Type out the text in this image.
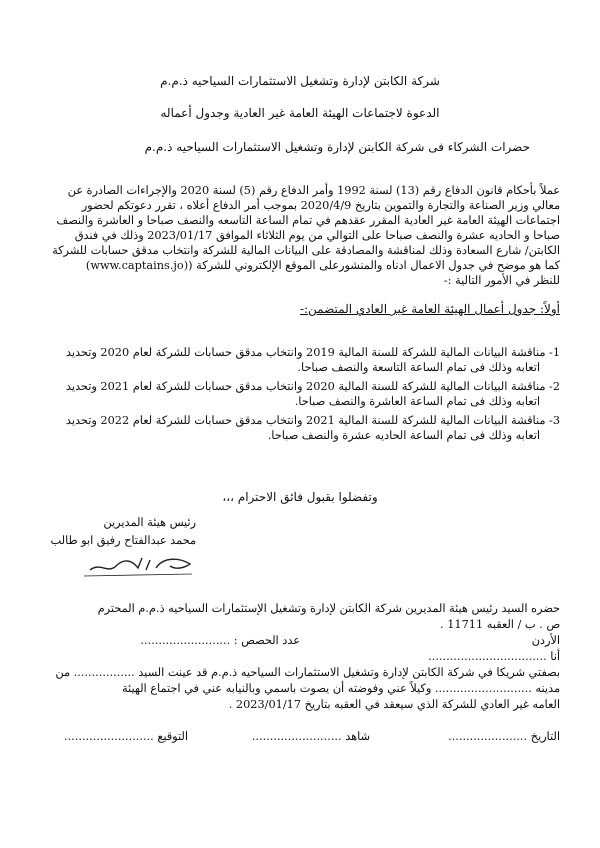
شركة الكابتن لإدارة وتشغيل الاستثمارات السياحيه ذ.م.م
الدعوة لاجتماعات الهيئة العامة غير العادية وجدول أعماله
حضرات الشركاء فى شركة الكابتن لإدارة وتشغيل الاستثمارات السياحيه ذ.م.م
عملاً بأحكام قانون الدفاع رقم (13) لسنة 1992 وأمر الدفاع رقم (5) لسنة 2020 والإجراءات الصادرة عن
معالي وزير الصناعة والتجارة والتموين بتاريخ 2020/4/9 بموجب أمر الدفاع أعلاه ، تقرر دعوتكم لحضور
اجتماعات الهيئة العامة غير العادية المقرر عقدهم في تمام الساعة التاسعه والنصف صباحا و العاشرة والنصف
صباحا و الحاديه عشرة والنصف صباحا على التوالي من يوم الثلاثاء الموافق 2023/01/17 وذلك في فندق
الكابتن/ شارع السعادة وذلك لمناقشة والمصادقة على البيانات المالية للشركة وانتخاب مدقق حسابات للشركة
كما هو موضح في جدول الاعمال ادناه والمنشورعلى الموقع الإلكتروني للشركة ((www.captains.jo)
للنظر في الأمور التالية :-
أولاً: جدول أعمال الهيئة العامة غير العادي المتضمن:-
1- مناقشة البيانات المالية للشركة للسنة المالية 2019 وانتخاب مدقق حسابات للشركة لعام 2020 وتحديد
اتعابه وذلك فى تمام الساعة التاسعة والنصف صباحا.
2- مناقشة البيانات المالية للشركة للسنة المالية 2020 وانتخاب مدقق حسابات للشركة لعام 2021 وتحديد
اتعابه وذلك فى تمام الساعة العاشرة والنصف صباحا.
3- مناقشة البيانات المالية للشركة للسنة المالية 2021 وانتخاب مدقق حسابات للشركة لعام 2022 وتحديد
اتعابه وذلك فى تمام الساعة الحاديه عشرة والنصف صباحا.
وتفضلوا بقبول فائق الاحترام ،،،
رئيس هيئة المديرين
محمد عبدالفتاح رفيق ابو طالب
حضره السيد رئيس هيئة المديرين شركة الكابتن لإدارة وتشغيل الإستثمارات السياحيه ذ.م.م المحترم
ص . ب / العقبه 11711 .
الأردن
عدد الحصص : .........................
أنا .................................
بصفتي شريكا في شركة الكابتن لإدارة وتشغيل الاستثمارات السياحيه ذ.م.م قد عينت السيد ................. من
مدينه ........................... وكيلاً عني وفوضته أن يصوت باسمي وبالنيابه عني في اجتماع الهيئة
العامه غير العادي للشركة الذي سيعقد في العقبه بتاريخ 2023/01/17 .
التاريخ ......................
شاهد .........................
التوقيع .........................
